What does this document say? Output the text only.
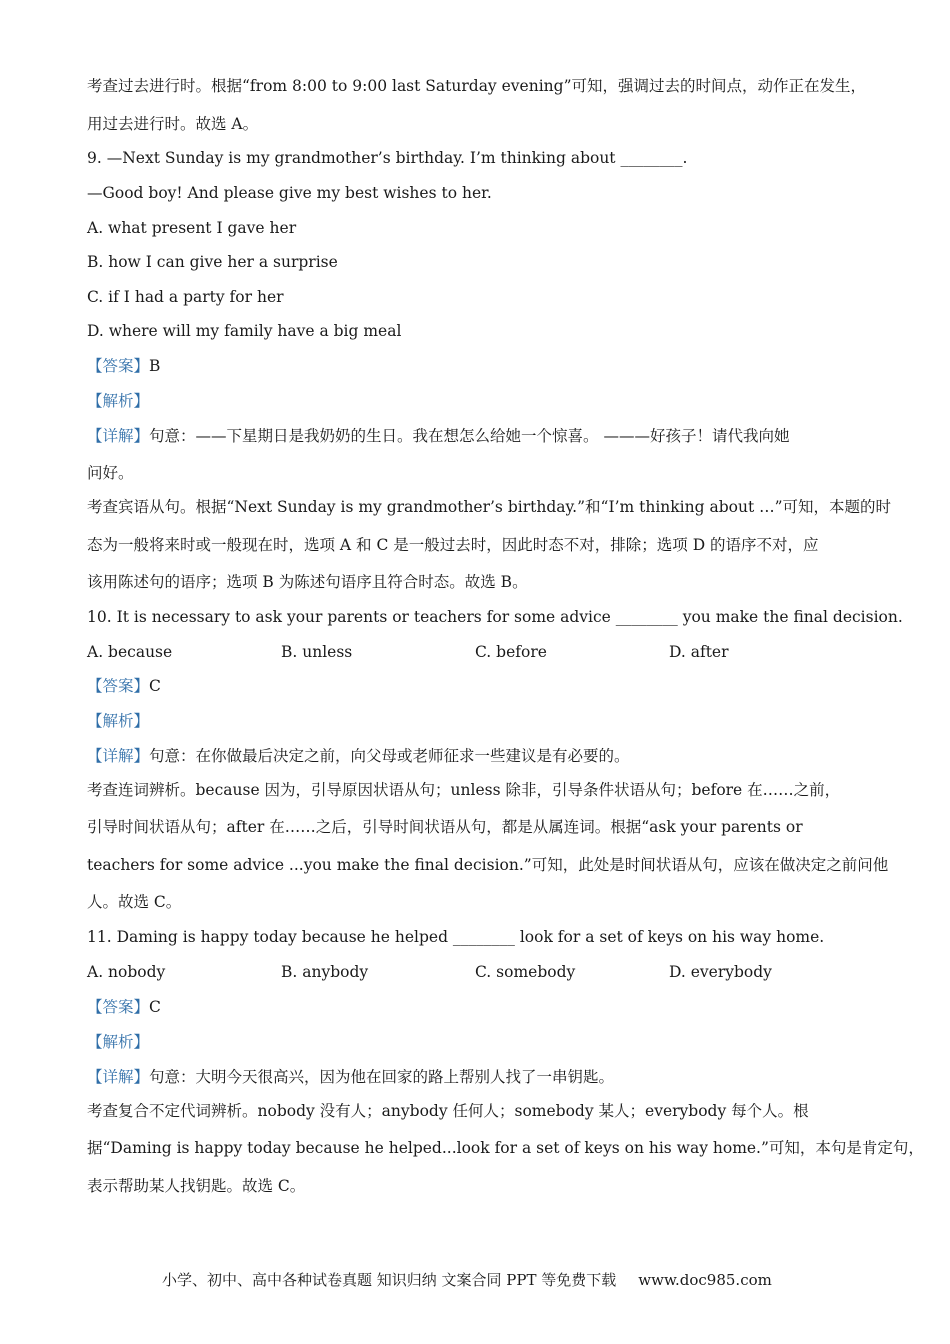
考查过去进行时。根据“from 8:00 to 9:00 last Saturday evening”可知，强调过去的时间点，动作正在发生，
用过去进行时。故选 A。
9. —Next Sunday is my grandmother’s birthday. I’m thinking about ________.
—Good boy! And please give my best wishes to her.
A. what present I gave her
B. how I can give her a surprise
C. if I had a party for her
D. where will my family have a big meal
【答案】B
【解析】
【详解】句意：——下星期日是我奶奶的生日。我在想怎么给她一个惊喜。 ———好孩子！请代我向她
问好。
考查宾语从句。根据“Next Sunday is my grandmother’s birthday.”和“I’m thinking about …”可知，本题的时
态为一般将来时或一般现在时，选项 A 和 C 是一般过去时，因此时态不对，排除；选项 D 的语序不对，应
该用陈述句的语序；选项 B 为陈述句语序且符合时态。故选 B。
10. It is necessary to ask your parents or teachers for some advice ________ you make the final decision.
A. because	B. unless	C. before	D. after
【答案】C
【解析】
【详解】句意：在你做最后决定之前，向父母或老师征求一些建议是有必要的。
考查连词辨析。because 因为，引导原因状语从句；unless 除非，引导条件状语从句；before 在……之前，
引导时间状语从句；after 在……之后，引导时间状语从句，都是从属连词。根据“ask your parents or
teachers for some advice ...you make the final decision.”可知，此处是时间状语从句，应该在做决定之前问他
人。故选 C。
11. Daming is happy today because he helped ________ look for a set of keys on his way home.
A. nobody	B. anybody	C. somebody	D. everybody
【答案】C
【解析】
【详解】句意：大明今天很高兴，因为他在回家的路上帮别人找了一串钥匙。
考查复合不定代词辨析。nobody 没有人；anybody 任何人；somebody 某人；everybody 每个人。根
据“Daming is happy today because he helped...look for a set of keys on his way home.”可知，本句是肯定句，
表示帮助某人找钥匙。故选 C。
小学、初中、高中各种试卷真题 知识归纳 文案合同 PPT 等免费下载 www.doc985.com
